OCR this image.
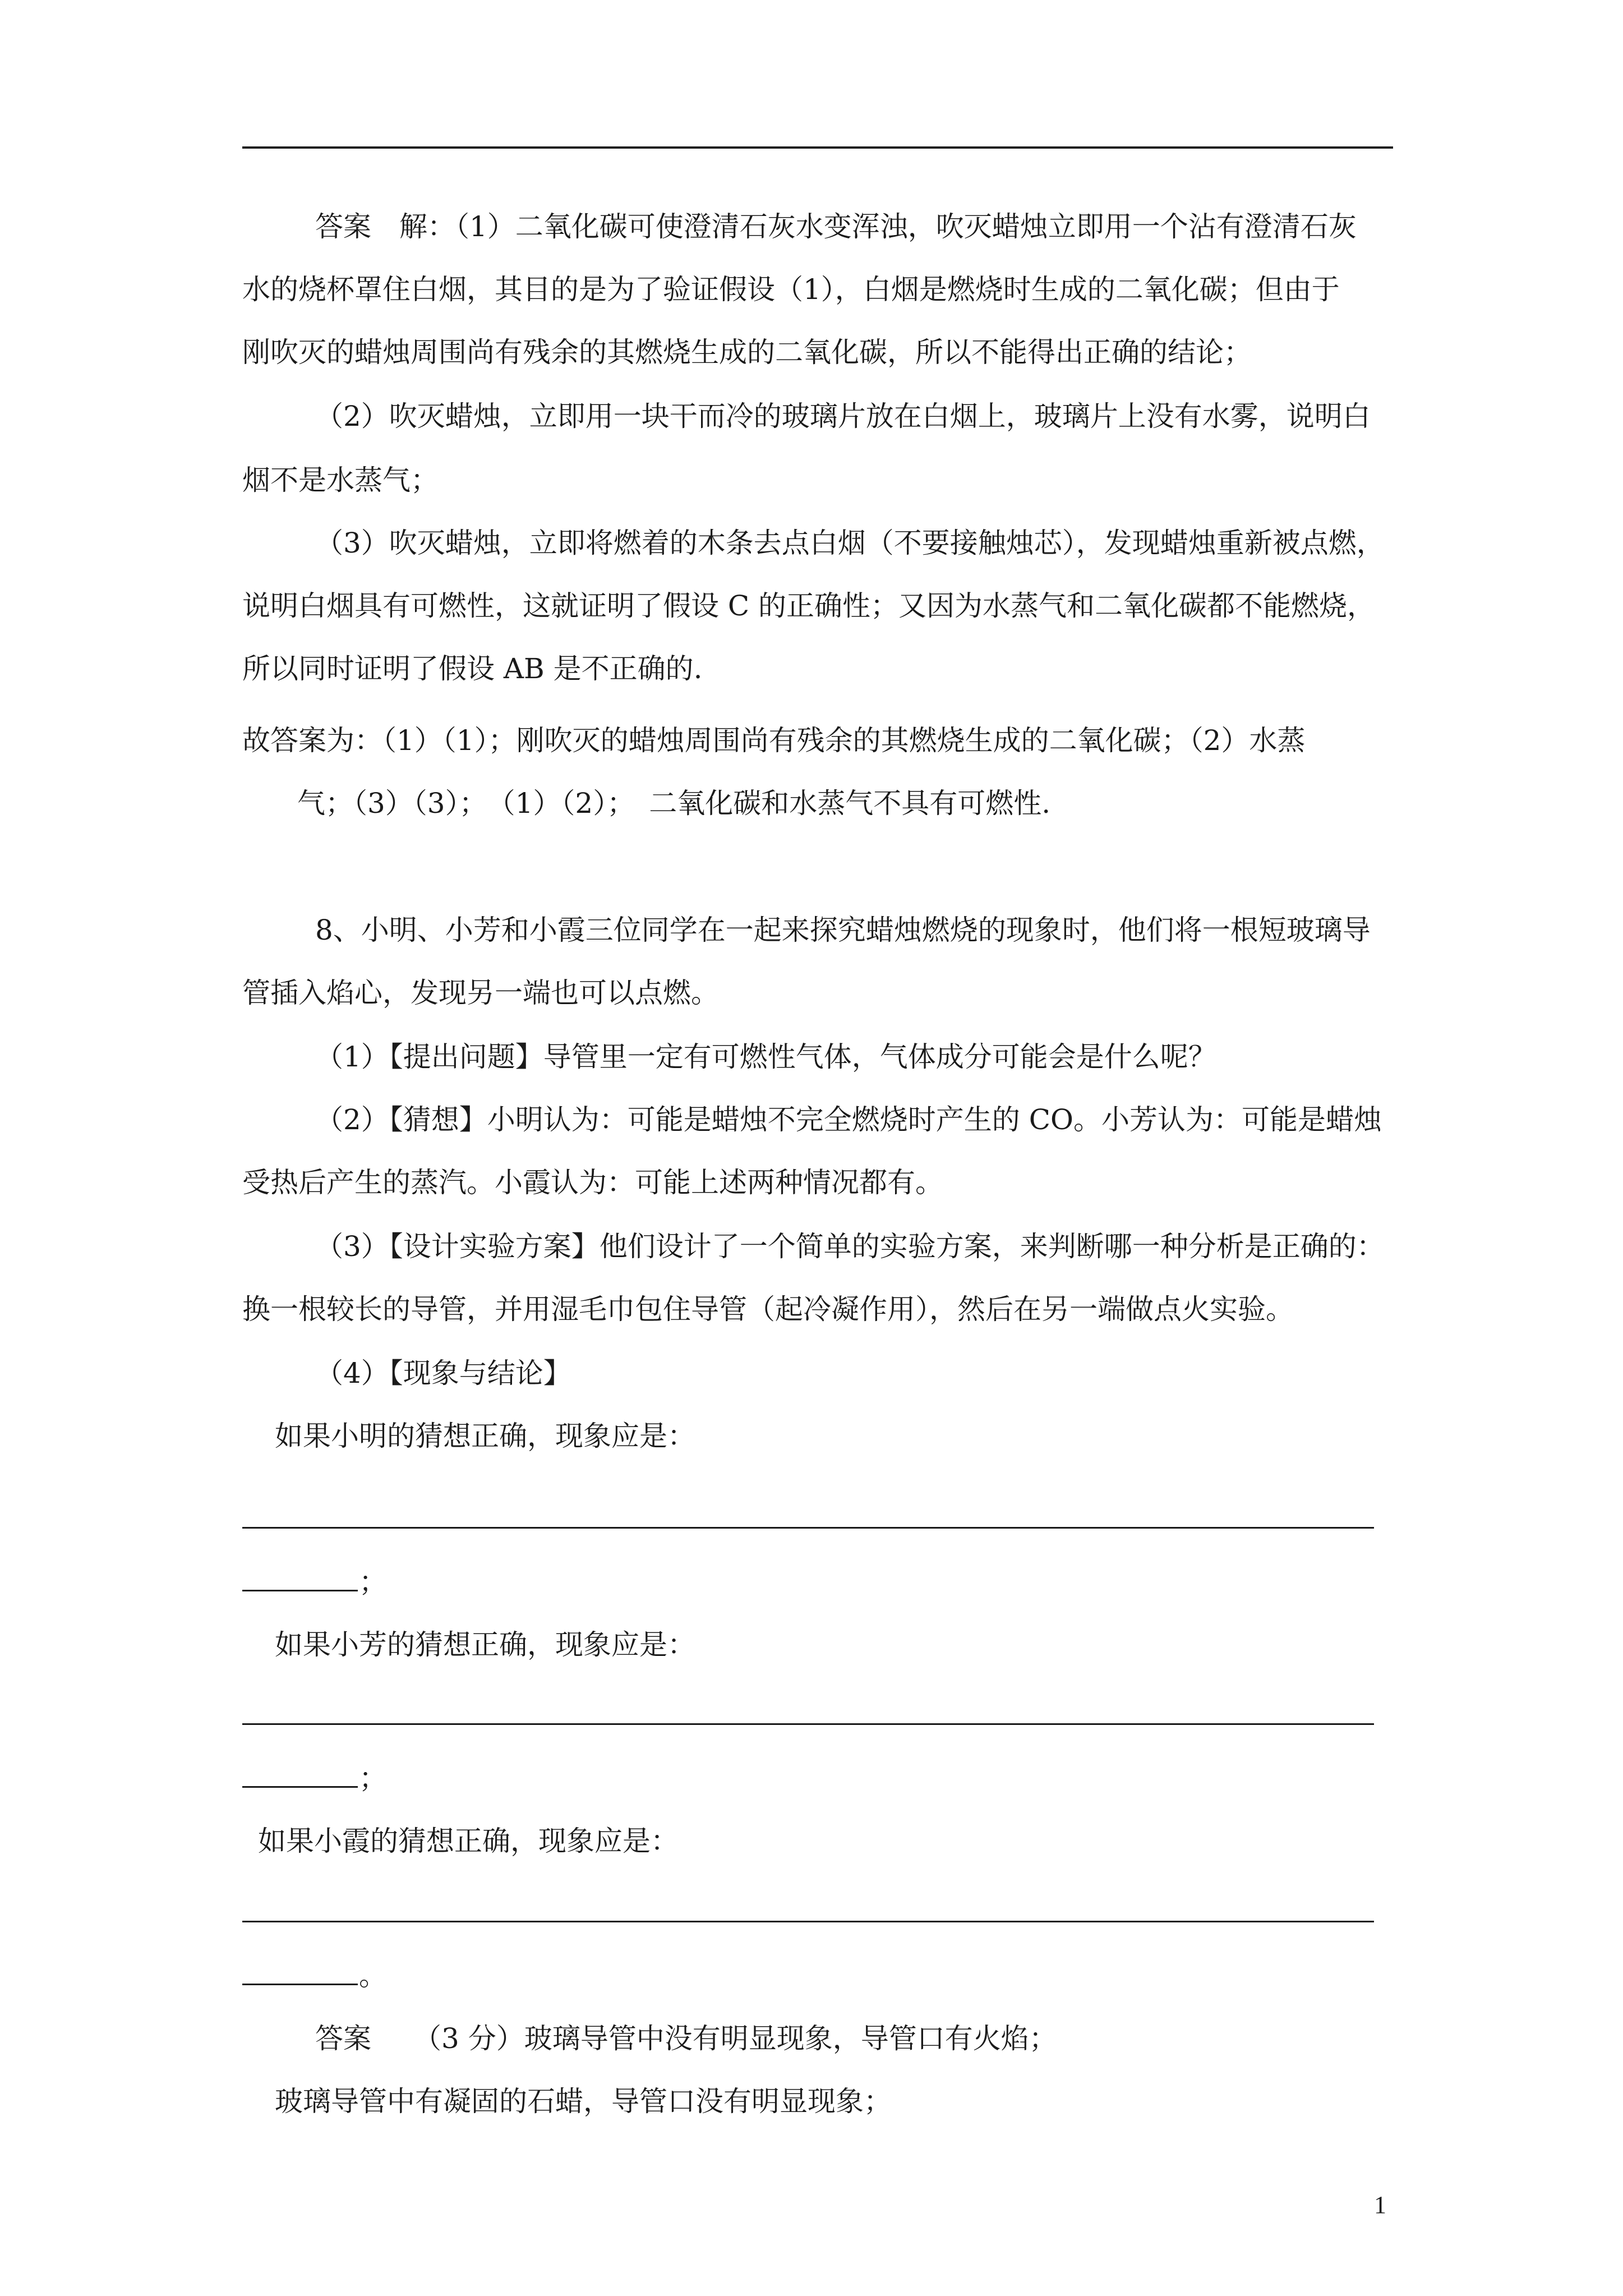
答案　解：（1）二氧化碳可使澄清石灰水变浑浊，吹灭蜡烛立即用一个沾有澄清石灰
水的烧杯罩住白烟，其目的是为了验证假设（1），白烟是燃烧时生成的二氧化碳；但由于
刚吹灭的蜡烛周围尚有残余的其燃烧生成的二氧化碳，所以不能得出正确的结论；
（2）吹灭蜡烛，立即用一块干而冷的玻璃片放在白烟上，玻璃片上没有水雾，说明白
烟不是水蒸气；
（3）吹灭蜡烛，立即将燃着的木条去点白烟（不要接触烛芯），发现蜡烛重新被点燃，
说明白烟具有可燃性，这就证明了假设 C 的正确性；又因为水蒸气和二氧化碳都不能燃烧，
所以同时证明了假设 AB 是不正确的.
故答案为：（1）（1）；刚吹灭的蜡烛周围尚有残余的其燃烧生成的二氧化碳；（2）水蒸
气；（3）（3）；　（1）（2）；　二氧化碳和水蒸气不具有可燃性.
8、小明、小芳和小霞三位同学在一起来探究蜡烛燃烧的现象时，他们将一根短玻璃导
管插入焰心，发现另一端也可以点燃。
（1）【提出问题】导管里一定有可燃性气体，气体成分可能会是什么呢？
（2）【猜想】小明认为：可能是蜡烛不完全燃烧时产生的 CO。小芳认为：可能是蜡烛
受热后产生的蒸汽。小霞认为：可能上述两种情况都有。
（3）【设计实验方案】他们设计了一个简单的实验方案，来判断哪一种分析是正确的：
换一根较长的导管，并用湿毛巾包住导管（起冷凝作用），然后在另一端做点火实验。
（4）【现象与结论】
如果小明的猜想正确，现象应是：
；
如果小芳的猜想正确，现象应是：
；
如果小霞的猜想正确，现象应是：
。
答案　　（3 分）玻璃导管中没有明显现象，导管口有火焰；
玻璃导管中有凝固的石蜡，导管口没有明显现象；
1
